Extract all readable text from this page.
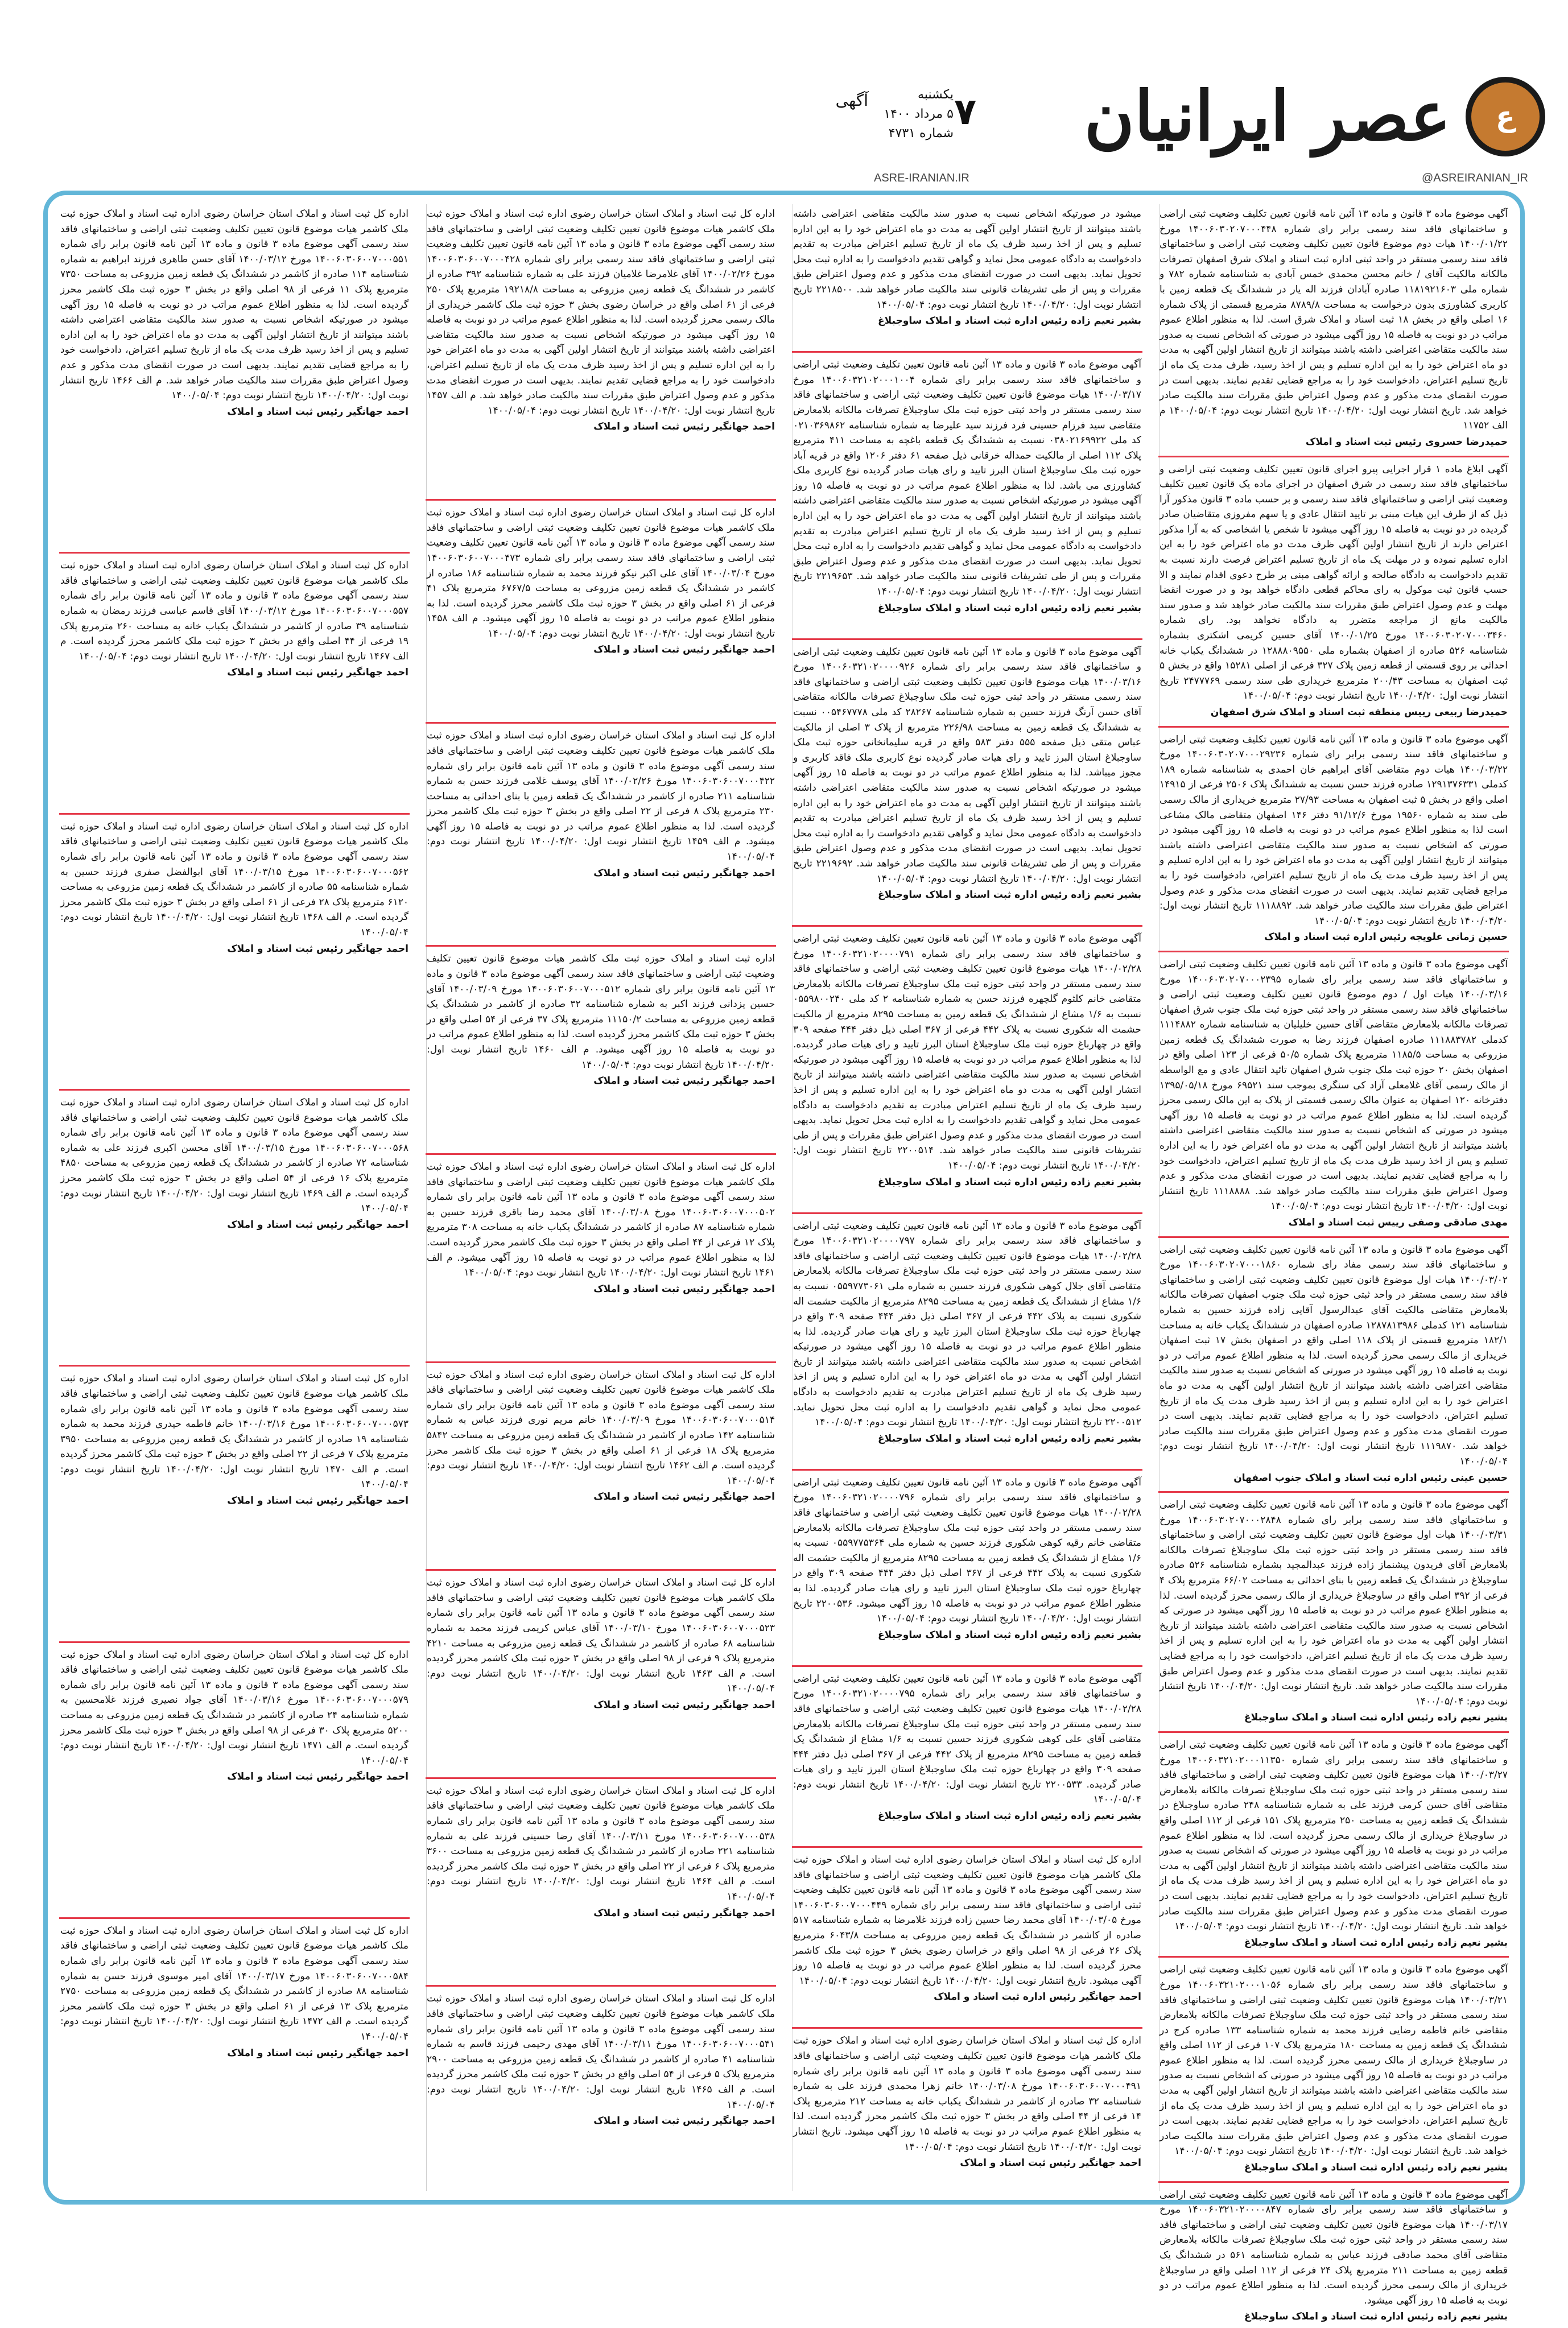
ع
عصر ایرانیان
ASRE-IRANIAN.IR	@ASREIRANIAN_IR
آگهی ۷
یکشنبه
۵ مرداد ۱۴۰۰
شماره ۴۷۳۱
آگهی موضوع ماده ۳ قانون و ماده ۱۳ آئین نامه قانون تعیین تکلیف وضعیت ثبتی اراضی و ساختمانهای فاقد سند رسمی برابر رای شماره ۱۴۰۰۶۰۳۰۲۰۷۰۰۰۴۴۸ مورخ ۱۴۰۰/۰۱/۲۲ هیات دوم موضوع قانون تعیین تکلیف وضعیت ثبتی اراضی و ساختمانهای فاقد سند رسمی مستقر در واحد ثبتی اداره ثبت اسناد و املاک شرق اصفهان تصرفات مالکانه مالکیت آقای / خانم محسن محمدی خمس آبادی به شناسنامه شماره ۷۸۲ و شماره ملی ۱۱۸۱۹۲۱۶۰۳ صادره آبادان فرزند اله یار در ششدانگ یک قطعه زمین با کاربری کشاورزی بدون درخواست به مساحت ۸۷۸۹/۸ مترمربع قسمتی از پلاک شماره ۱۶ اصلی واقع در بخش ۱۸ ثبت اسناد و املاک شرق است. لذا به منظور اطلاع عموم مراتب در دو نوبت به فاصله ۱۵ روز آگهی میشود در صورتی که اشخاص نسبت به صدور سند مالکیت متقاضی اعتراضی داشته باشند میتوانند از تاریخ انتشار اولین آگهی به مدت دو ماه اعتراض خود را به این اداره تسلیم و پس از اخذ رسید، ظرف مدت یک ماه از تاریخ تسلیم اعتراض، دادخواست خود را به مراجع قضایی تقدیم نمایند. بدیهی است در صورت انقضای مدت مذکور و عدم وصول اعتراض طبق مقررات سند مالکیت صادر خواهد شد. تاریخ انتشار نوبت اول: ۱۴۰۰/۰۴/۲۰ تاریخ انتشار نوبت دوم: ۱۴۰۰/۰۵/۰۴ م الف ۱۱۷۵۲
حمیدرضا خسروی رئیس ثبت اسناد و املاک
آگهی ابلاغ ماده ۱ قرار اجرایی پیرو اجرای قانون تعیین تکلیف وضعیت ثبتی اراضی و ساختمانهای فاقد سند رسمی در شرق اصفهان در اجرای ماده یک قانون تعیین تکلیف وضعیت ثبتی اراضی و ساختمانهای فاقد سند رسمی و بر حسب ماده ۳ قانون مذکور آرا ذیل که از طرف این هیات مبنی بر تایید انتقال عادی و یا سهم مفروزی متقاضیان صادر گردیده در دو نوبت به فاصله ۱۵ روز آگهی میشود تا شخص یا اشخاصی که به آرا مذکور اعتراض دارند از تاریخ انتشار اولین آگهی ظرف مدت دو ماه اعتراض خود را به این اداره تسلیم نموده و در مهلت یک ماه از تاریخ تسلیم اعتراض فرصت دارند نسبت به تقدیم دادخواست به دادگاه صالحه و ارائه گواهی مبنی بر طرح دعوی اقدام نمایند و الا حسب قانون ثبت موکول به رای محاکم قطعی دادگاه خواهد بود و در صورت انقضا مهلت و عدم وصول اعتراض طبق مقررات سند مالکیت صادر خواهد شد و صدور سند مالکیت مانع از مراجعه متضرر به دادگاه نخواهد بود. رای شماره ۱۴۰۰۶۰۳۰۲۰۷۰۰۰۳۴۶۰ مورخ ۱۴۰۰/۰۱/۲۵ آقای حسین کریمی اشکتری بشماره شناسنامه ۵۲۶ صادره از اصفهان بشماره ملی ۱۲۸۸۸۰۹۵۵۰ در ششدانگ یکباب خانه احداثی بر روی قسمتی از قطعه زمین پلاک ۳۲۷ فرعی از اصلی ۱۵۲۸۱ واقع در بخش ۵ ثبت اصفهان به مساحت ۲۰۰/۴۳ مترمربع خریداری طی سند رسمی ۲۴۷۷۷۶۹ تاریخ انتشار نوبت اول: ۱۴۰۰/۰۴/۲۰ تاریخ انتشار نوبت دوم: ۱۴۰۰/۰۵/۰۴
حمیدرضا ربیعی رییس منطقه ثبت اسناد و املاک شرق اصفهان
آگهی موضوع ماده ۳ قانون و ماده ۱۳ آئین نامه قانون تعیین تکلیف وضعیت ثبتی اراضی و ساختمانهای فاقد سند رسمی برابر رای شماره ۱۴۰۰۶۰۳۰۲۰۷۰۰۰۲۹۲۳۶ مورخ ۱۴۰۰/۰۳/۲۲ هیات دوم متقاضی آقای ابراهیم خان احمدی به شناسنامه شماره ۱۸۹ کدملی ۱۲۹۱۳۷۶۳۳۱ صادره فرزند حسن نسبت به ششدانگ پلاک ۲۵۰۶ فرعی از ۱۴۹۱۵ اصلی واقع در بخش ۵ ثبت اصفهان به مساحت ۲۷/۹۳ مترمربع خریداری از مالک رسمی طی سند به شماره ۱۹۵۶۰ مورخ ۹۱/۱۲/۶ دفتر ۱۴۶ اصفهان متقاضی مالک مشاعی است لذا به منظور اطلاع عموم مراتب در دو نوبت به فاصله ۱۵ روز آگهی میشود در صورتی که اشخاص نسبت به صدور سند مالکیت متقاضی اعتراضی داشته باشند میتوانند از تاریخ انتشار اولین آگهی به مدت دو ماه اعتراض خود را به این اداره تسلیم و پس از اخذ رسید ظرف مدت یک ماه از تاریخ تسلیم اعتراض، دادخواست خود را به مراجع قضایی تقدیم نمایند. بدیهی است در صورت انقضای مدت مذکور و عدم وصول اعتراض طبق مقررات سند مالکیت صادر خواهد شد. ۱۱۱۸۸۹۲ تاریخ انتشار نوبت اول: ۱۴۰۰/۰۴/۲۰ تاریخ انتشار نوبت دوم: ۱۴۰۰/۰۵/۰۴
حسین زمانی علویجه رئیس اداره ثبت اسناد و املاک
آگهی موضوع ماده ۳ قانون و ماده ۱۳ آئین نامه قانون تعیین تکلیف وضعیت ثبتی اراضی و ساختمانهای فاقد سند رسمی برابر رای شماره ۱۴۰۰۶۰۳۰۲۰۷۰۰۰۲۳۹۵ مورخ ۱۴۰۰/۰۳/۱۶ هیات اول / دوم موضوع قانون تعیین تکلیف وضعیت ثبتی اراضی و ساختمانهای فاقد سند رسمی مستقر در واحد ثبتی حوزه ثبت ملک جنوب شرق اصفهان تصرفات مالکانه بلامعارض متقاضی آقای حسین خلیلیان به شناسنامه شماره ۱۱۱۴۸۸۲ کدملی ۱۱۱۸۸۳۷۸۲ صادره اصفهان فرزند رضا به صورت ششدانگ یک قطعه زمین مزروعی به مساحت ۱۱۸۵/۵ مترمربع پلاک شماره ۵۰/۵ فرعی از ۱۲۳ اصلی واقع در اصفهان بخش ۲۰ حوزه ثبت ملک جنوب شرق اصفهان تائید انتقال عادی و مع الواسطه از مالک رسمی آقای غلامعلی آزاد کی سنگری بموجب سند ۶۹۵۲۱ مورخ ۱۳۹۵/۰۵/۱۸ دفترخانه ۱۲۰ اصفهان به عنوان مالک رسمی قسمتی از پلاک به این مالک رسمی محرز گردیده است. لذا به منظور اطلاع عموم مراتب در دو نوبت به فاصله ۱۵ روز آگهی میشود در صورتی که اشخاص نسبت به صدور سند مالکیت متقاضی اعتراضی داشته باشند میتوانند از تاریخ انتشار اولین آگهی به مدت دو ماه اعتراض خود را به این اداره تسلیم و پس از اخذ رسید ظرف مدت یک ماه از تاریخ تسلیم اعتراض، دادخواست خود را به مراجع قضایی تقدیم نمایند. بدیهی است در صورت انقضای مدت مذکور و عدم وصول اعتراض طبق مقررات سند مالکیت صادر خواهد شد. ۱۱۱۸۸۸۸ تاریخ انتشار نوبت اول: ۱۴۰۰/۰۴/۲۰ تاریخ انتشار نوبت دوم: ۱۴۰۰/۰۵/۰۴
مهدی صادقی وصفی رییس ثبت اسناد و املاک
آگهی موضوع ماده ۳ قانون و ماده ۱۳ آئین نامه قانون تعیین تکلیف وضعیت ثبتی اراضی و ساختمانهای فاقد سند رسمی مفاد رای شماره ۱۴۰۰۶۰۳۰۲۰۷۰۰۰۱۸۶۰ مورخ ۱۴۰۰/۰۳/۰۲ هیات اول موضوع قانون تعیین تکلیف وضعیت ثبتی اراضی و ساختمانهای فاقد سند رسمی مستقر در واحد ثبتی حوزه ثبت ملک جنوب اصفهان تصرفات مالکانه بلامعارض متقاضی مالکیت آقای عبدالرسول آقایی زاده فرزند حسین به شماره شناسنامه ۱۲۱ کدملی ۱۲۸۷۸۱۳۹۸۶ صادره اصفهان در ششدانگ یکباب خانه به مساحت ۱۸۲/۱ مترمربع قسمتی از پلاک ۱۱۸ اصلی واقع در اصفهان بخش ۱۷ ثبت اصفهان خریداری از مالک رسمی محرز گردیده است. لذا به منظور اطلاع عموم مراتب در دو نوبت به فاصله ۱۵ روز آگهی میشود در صورتی که اشخاص نسبت به صدور سند مالکیت متقاضی اعتراضی داشته باشند میتوانند از تاریخ انتشار اولین آگهی به مدت دو ماه اعتراض خود را به این اداره تسلیم و پس از اخذ رسید ظرف مدت یک ماه از تاریخ تسلیم اعتراض، دادخواست خود را به مراجع قضایی تقدیم نمایند. بدیهی است در صورت انقضای مدت مذکور و عدم وصول اعتراض طبق مقررات سند مالکیت صادر خواهد شد. ۱۱۱۹۸۷۰ تاریخ انتشار نوبت اول: ۱۴۰۰/۰۴/۲۰ تاریخ انتشار نوبت دوم: ۱۴۰۰/۰۵/۰۴
حسین عینی رئیس اداره ثبت اسناد و املاک جنوب اصفهان
آگهی موضوع ماده ۳ قانون و ماده ۱۳ آئین نامه قانون تعیین تکلیف وضعیت ثبتی اراضی و ساختمانهای فاقد سند رسمی برابر رای شماره ۱۴۰۰۶۰۳۰۲۰۷۰۰۰۲۸۴۸ مورخ ۱۴۰۰/۰۳/۳۱ هیات اول موضوع قانون تعیین تکلیف وضعیت ثبتی اراضی و ساختمانهای فاقد سند رسمی مستقر در واحد ثبتی حوزه ثبت ملک ساوجبلاغ تصرفات مالکانه بلامعارض آقای فریدون پیشنماز زاده فرزند عبدالمجید بشماره شناسنامه ۵۲۶ صادره ساوجبلاغ در ششدانگ یک قطعه زمین با بنای احداثی به مساحت ۶۶/۰۲ مترمربع پلاک ۴ فرعی از ۳۹۲ اصلی واقع در ساوجبلاغ خریداری از مالک رسمی محرز گردیده است. لذا به منظور اطلاع عموم مراتب در دو نوبت به فاصله ۱۵ روز آگهی میشود در صورتی که اشخاص نسبت به صدور سند مالکیت متقاضی اعتراضی داشته باشند میتوانند از تاریخ انتشار اولین آگهی به مدت دو ماه اعتراض خود را به این اداره تسلیم و پس از اخذ رسید ظرف مدت یک ماه از تاریخ تسلیم اعتراض، دادخواست خود را به مراجع قضایی تقدیم نمایند. بدیهی است در صورت انقضای مدت مذکور و عدم وصول اعتراض طبق مقررات سند مالکیت صادر خواهد شد. تاریخ انتشار نوبت اول: ۱۴۰۰/۰۴/۲۰ تاریخ انتشار نوبت دوم: ۱۴۰۰/۰۵/۰۴
بشیر نعیم زاده رئیس اداره ثبت اسناد و املاک ساوجبلاغ
آگهی موضوع ماده ۳ قانون و ماده ۱۳ آئین نامه قانون تعیین تکلیف وضعیت ثبتی اراضی و ساختمانهای فاقد سند رسمی برابر رای شماره ۱۴۰۰۶۰۳۲۱۰۲۰۰۰۱۱۳۵۰ مورخ ۱۴۰۰/۰۳/۲۷ هیات موضوع قانون تعیین تکلیف وضعیت ثبتی اراضی و ساختمانهای فاقد سند رسمی مستقر در واحد ثبتی حوزه ثبت ملک ساوجبلاغ تصرفات مالکانه بلامعارض متقاضی آقای حسن کرمی فرزند علی به شماره شناسنامه ۲۴۸ صادره ساوجبلاغ در ششدانگ یک قطعه زمین به مساحت ۲۵۰ مترمربع پلاک ۱۵۱ فرعی از ۱۱۲ اصلی واقع در ساوجبلاغ خریداری از مالک رسمی محرز گردیده است. لذا به منظور اطلاع عموم مراتب در دو نوبت به فاصله ۱۵ روز آگهی میشود در صورتی که اشخاص نسبت به صدور سند مالکیت متقاضی اعتراضی داشته باشند میتوانند از تاریخ انتشار اولین آگهی به مدت دو ماه اعتراض خود را به این اداره تسلیم و پس از اخذ رسید ظرف مدت یک ماه از تاریخ تسلیم اعتراض، دادخواست خود را به مراجع قضایی تقدیم نمایند. بدیهی است در صورت انقضای مدت مذکور و عدم وصول اعتراض طبق مقررات سند مالکیت صادر خواهد شد. تاریخ انتشار نوبت اول: ۱۴۰۰/۰۴/۲۰ تاریخ انتشار نوبت دوم: ۱۴۰۰/۰۵/۰۴
بشیر نعیم زاده رئیس اداره ثبت اسناد و املاک ساوجبلاغ
آگهی موضوع ماده ۳ قانون و ماده ۱۳ آئین نامه قانون تعیین تکلیف وضعیت ثبتی اراضی و ساختمانهای فاقد سند رسمی برابر رای شماره ۱۴۰۰۶۰۳۲۱۰۲۰۰۰۱۰۵۶ مورخ ۱۴۰۰/۰۳/۲۱ هیات موضوع قانون تعیین تکلیف وضعیت ثبتی اراضی و ساختمانهای فاقد سند رسمی مستقر در واحد ثبتی حوزه ثبت ملک ساوجبلاغ تصرفات مالکانه بلامعارض متقاضی خانم فاطمه رضایی فرزند محمد به شماره شناسنامه ۱۳۳ صادره کرج در ششدانگ یک قطعه زمین به مساحت ۱۸۰ مترمربع پلاک ۱۰۷ فرعی از ۱۱۲ اصلی واقع در ساوجبلاغ خریداری از مالک رسمی محرز گردیده است. لذا به منظور اطلاع عموم مراتب در دو نوبت به فاصله ۱۵ روز آگهی میشود در صورتی که اشخاص نسبت به صدور سند مالکیت متقاضی اعتراضی داشته باشند میتوانند از تاریخ انتشار اولین آگهی به مدت دو ماه اعتراض خود را به این اداره تسلیم و پس از اخذ رسید ظرف مدت یک ماه از تاریخ تسلیم اعتراض، دادخواست خود را به مراجع قضایی تقدیم نمایند. بدیهی است در صورت انقضای مدت مذکور و عدم وصول اعتراض طبق مقررات سند مالکیت صادر خواهد شد. تاریخ انتشار نوبت اول: ۱۴۰۰/۰۴/۲۰ تاریخ انتشار نوبت دوم: ۱۴۰۰/۰۵/۰۴
بشیر نعیم زاده رئیس اداره ثبت اسناد و املاک ساوجبلاغ
آگهی موضوع ماده ۳ قانون و ماده ۱۳ آئین نامه قانون تعیین تکلیف وضعیت ثبتی اراضی و ساختمانهای فاقد سند رسمی برابر رای شماره ۱۴۰۰۶۰۳۲۱۰۲۰۰۰۰۸۴۷ مورخ ۱۴۰۰/۰۳/۱۷ هیات موضوع قانون تعیین تکلیف وضعیت ثبتی اراضی و ساختمانهای فاقد سند رسمی مستقر در واحد ثبتی حوزه ثبت ملک ساوجبلاغ تصرفات مالکانه بلامعارض متقاضی آقای محمد صادقی فرزند عباس به شماره شناسنامه ۵۶۱ در ششدانگ یک قطعه زمین به مساحت ۲۱۱ مترمربع پلاک ۲۴ فرعی از ۱۱۲ اصلی واقع در ساوجبلاغ خریداری از مالک رسمی محرز گردیده است. لذا به منظور اطلاع عموم مراتب در دو نوبت به فاصله ۱۵ روز آگهی میشود.
بشیر نعیم زاده رئیس اداره ثبت اسناد و املاک ساوجبلاغ
میشود در صورتیکه اشخاص نسبت به صدور سند مالکیت متقاضی اعتراضی داشته باشند میتوانند از تاریخ انتشار اولین آگهی به مدت دو ماه اعتراض خود را به این اداره تسلیم و پس از اخذ رسید ظرف یک ماه از تاریخ تسلیم اعتراض مبادرت به تقدیم دادخواست به دادگاه عمومی محل نماید و گواهی تقدیم دادخواست را به اداره ثبت محل تحویل نماید. بدیهی است در صورت انقضای مدت مذکور و عدم وصول اعتراض طبق مقررات و پس از طی تشریفات قانونی سند مالکیت صادر خواهد شد. ۲۲۱۸۵۰۰ تاریخ انتشار نوبت اول: ۱۴۰۰/۰۴/۲۰ تاریخ انتشار نوبت دوم: ۱۴۰۰/۰۵/۰۴
بشیر نعیم زاده رئیس اداره ثبت اسناد و املاک ساوجبلاغ
آگهی موضوع ماده ۳ قانون و ماده ۱۳ آئین نامه قانون تعیین تکلیف وضعیت ثبتی اراضی و ساختمانهای فاقد سند رسمی برابر رای شماره ۱۴۰۰۶۰۳۲۱۰۲۰۰۰۱۰۰۴ مورخ ۱۴۰۰/۰۳/۱۷ هیات موضوع قانون تعیین تکلیف وضعیت ثبتی اراضی و ساختمانهای فاقد سند رسمی مستقر در واحد ثبتی حوزه ثبت ملک ساوجبلاغ تصرفات مالکانه بلامعارض متقاضی سید فرزام حسینی فرد فرزند سید علیرضا به شماره شناسنامه ۰۲۱۰۳۶۹۸۶۲ کد ملی ۰۳۸۰۲۱۶۹۹۲۲ نسبت به ششدانگ یک قطعه باغچه به مساحت ۴۱۱ مترمربع پلاک ۱۱۲ اصلی از مالکیت حمداله خرقانی ذیل صفحه ۶۱ دفتر ۱۲۰۶ واقع در قریه آباد حوزه ثبت ملک ساوجبلاغ استان البرز تایید و رای هیات صادر گردیده نوع کاربری ملک کشاورزی می باشد. لذا به منظور اطلاع عموم مراتب در دو نوبت به فاصله ۱۵ روز آگهی میشود در صورتیکه اشخاص نسبت به صدور سند مالکیت متقاضی اعتراضی داشته باشند میتوانند از تاریخ انتشار اولین آگهی به مدت دو ماه اعتراض خود را به این اداره تسلیم و پس از اخذ رسید ظرف یک ماه از تاریخ تسلیم اعتراض مبادرت به تقدیم دادخواست به دادگاه عمومی محل نماید و گواهی تقدیم دادخواست را به اداره ثبت محل تحویل نماید. بدیهی است در صورت انقضای مدت مذکور و عدم وصول اعتراض طبق مقررات و پس از طی تشریفات قانونی سند مالکیت صادر خواهد شد. ۲۲۱۹۶۵۳ تاریخ انتشار نوبت اول: ۱۴۰۰/۰۴/۲۰ تاریخ انتشار نوبت دوم: ۱۴۰۰/۰۵/۰۴
بشیر نعیم زاده رئیس اداره ثبت اسناد و املاک ساوجبلاغ
آگهی موضوع ماده ۳ قانون و ماده ۱۳ آئین نامه قانون تعیین تکلیف وضعیت ثبتی اراضی و ساختمانهای فاقد سند رسمی برابر رای شماره ۱۴۰۰۶۰۳۲۱۰۲۰۰۰۰۹۲۶ مورخ ۱۴۰۰/۰۳/۱۶ هیات موضوع قانون تعیین تکلیف وضعیت ثبتی اراضی و ساختمانهای فاقد سند رسمی مستقر در واحد ثبتی حوزه ثبت ملک ساوجبلاغ تصرفات مالکانه متقاضی آقای حسن آرنگ فرزند حسین به شماره شناسنامه ۲۸۲۶۷ کد ملی ۰۰۵۴۶۷۷۷۸ نسبت به ششدانگ یک قطعه زمین به مساحت ۲۲۶/۹۸ مترمربع از پلاک ۳ اصلی از مالکیت عباس متقی ذیل صفحه ۵۵۵ دفتر ۵۸۳ واقع در قریه سلیمانخانی حوزه ثبت ملک ساوجبلاغ استان البرز تایید و رای هیات صادر گردیده نوع کاربری ملک فاقد کاربری و مجوز میباشد. لذا به منظور اطلاع عموم مراتب در دو نوبت به فاصله ۱۵ روز آگهی میشود در صورتیکه اشخاص نسبت به صدور سند مالکیت متقاضی اعتراضی داشته باشند میتوانند از تاریخ انتشار اولین آگهی به مدت دو ماه اعتراض خود را به این اداره تسلیم و پس از اخذ رسید ظرف یک ماه از تاریخ تسلیم اعتراض مبادرت به تقدیم دادخواست به دادگاه عمومی محل نماید و گواهی تقدیم دادخواست را به اداره ثبت محل تحویل نماید. بدیهی است در صورت انقضای مدت مذکور و عدم وصول اعتراض طبق مقررات و پس از طی تشریفات قانونی سند مالکیت صادر خواهد شد. ۲۲۱۹۶۹۲ تاریخ انتشار نوبت اول: ۱۴۰۰/۰۴/۲۰ تاریخ انتشار نوبت دوم: ۱۴۰۰/۰۵/۰۴
بشیر نعیم زاده رئیس اداره ثبت اسناد و املاک ساوجبلاغ
آگهی موضوع ماده ۳ قانون و ماده ۱۳ آئین نامه قانون تعیین تکلیف وضعیت ثبتی اراضی و ساختمانهای فاقد سند رسمی برابر رای شماره ۱۴۰۰۶۰۳۲۱۰۲۰۰۰۰۷۹۱ مورخ ۱۴۰۰/۰۲/۲۸ هیات موضوع قانون تعیین تکلیف وضعیت ثبتی اراضی و ساختمانهای فاقد سند رسمی مستقر در واحد ثبتی حوزه ثبت ملک ساوجبلاغ تصرفات مالکانه بلامعارض متقاضی خانم کلثوم گلچهره فرزند حسن به شماره شناسنامه ۲ کد ملی ۰۵۵۹۸۰۰۲۴۰ نسبت به ۱/۶ مشاع از ششدانگ یک قطعه زمین به مساحت ۸۲۹۵ مترمربع از مالکیت حشمت اله شکوری نسبت به پلاک ۴۴۲ فرعی از ۳۶۷ اصلی ذیل دفتر ۴۴۴ صفحه ۳۰۹ واقع در چهارباغ حوزه ثبت ملک ساوجبلاغ استان البرز تایید و رای هیات صادر گردیده. لذا به منظور اطلاع عموم مراتب در دو نوبت به فاصله ۱۵ روز آگهی میشود در صورتیکه اشخاص نسبت به صدور سند مالکیت متقاضی اعتراضی داشته باشند میتوانند از تاریخ انتشار اولین آگهی به مدت دو ماه اعتراض خود را به این اداره تسلیم و پس از اخذ رسید ظرف یک ماه از تاریخ تسلیم اعتراض مبادرت به تقدیم دادخواست به دادگاه عمومی محل نماید و گواهی تقدیم دادخواست را به اداره ثبت محل تحویل نماید. بدیهی است در صورت انقضای مدت مذکور و عدم وصول اعتراض طبق مقررات و پس از طی تشریفات قانونی سند مالکیت صادر خواهد شد. ۲۲۰۰۵۱۴ تاریخ انتشار نوبت اول: ۱۴۰۰/۰۴/۲۰ تاریخ انتشار نوبت دوم: ۱۴۰۰/۰۵/۰۴
بشیر نعیم زاده رئیس اداره ثبت اسناد و املاک ساوجبلاغ
آگهی موضوع ماده ۳ قانون و ماده ۱۳ آئین نامه قانون تعیین تکلیف وضعیت ثبتی اراضی و ساختمانهای فاقد سند رسمی برابر رای شماره ۱۴۰۰۶۰۳۲۱۰۲۰۰۰۰۷۹۷ مورخ ۱۴۰۰/۰۲/۲۸ هیات موضوع قانون تعیین تکلیف وضعیت ثبتی اراضی و ساختمانهای فاقد سند رسمی مستقر در واحد ثبتی حوزه ثبت ملک ساوجبلاغ تصرفات مالکانه بلامعارض متقاضی آقای جلال کوهی شکوری فرزند حسین به شماره ملی ۰۵۵۹۷۷۳۰۶۱ نسبت به ۱/۶ مشاع از ششدانگ یک قطعه زمین به مساحت ۸۲۹۵ مترمربع از مالکیت حشمت اله شکوری نسبت به پلاک ۴۴۲ فرعی از ۳۶۷ اصلی ذیل دفتر ۴۴۴ صفحه ۳۰۹ واقع در چهارباغ حوزه ثبت ملک ساوجبلاغ استان البرز تایید و رای هیات صادر گردیده. لذا به منظور اطلاع عموم مراتب در دو نوبت به فاصله ۱۵ روز آگهی میشود در صورتیکه اشخاص نسبت به صدور سند مالکیت متقاضی اعتراضی داشته باشند میتوانند از تاریخ انتشار اولین آگهی به مدت دو ماه اعتراض خود را به این اداره تسلیم و پس از اخذ رسید ظرف یک ماه از تاریخ تسلیم اعتراض مبادرت به تقدیم دادخواست به دادگاه عمومی محل نماید و گواهی تقدیم دادخواست را به اداره ثبت محل تحویل نماید. ۲۲۰۰۵۱۲ تاریخ انتشار نوبت اول: ۱۴۰۰/۰۴/۲۰ تاریخ انتشار نوبت دوم: ۱۴۰۰/۰۵/۰۴
بشیر نعیم زاده رئیس اداره ثبت اسناد و املاک ساوجبلاغ
آگهی موضوع ماده ۳ قانون و ماده ۱۳ آئین نامه قانون تعیین تکلیف وضعیت ثبتی اراضی و ساختمانهای فاقد سند رسمی برابر رای شماره ۱۴۰۰۶۰۳۲۱۰۲۰۰۰۰۷۹۶ مورخ ۱۴۰۰/۰۲/۲۸ هیات موضوع قانون تعیین تکلیف وضعیت ثبتی اراضی و ساختمانهای فاقد سند رسمی مستقر در واحد ثبتی حوزه ثبت ملک ساوجبلاغ تصرفات مالکانه بلامعارض متقاضی خانم رقیه کوهی شکوری فرزند حسین به شماره ملی ۰۵۵۹۷۷۵۳۶۴ نسبت به ۱/۶ مشاع از ششدانگ یک قطعه زمین به مساحت ۸۲۹۵ مترمربع از مالکیت حشمت اله شکوری نسبت به پلاک ۴۴۲ فرعی از ۳۶۷ اصلی ذیل دفتر ۴۴۴ صفحه ۳۰۹ واقع در چهارباغ حوزه ثبت ملک ساوجبلاغ استان البرز تایید و رای هیات صادر گردیده. لذا به منظور اطلاع عموم مراتب در دو نوبت به فاصله ۱۵ روز آگهی میشود. ۲۲۰۰۵۳۶ تاریخ انتشار نوبت اول: ۱۴۰۰/۰۴/۲۰ تاریخ انتشار نوبت دوم: ۱۴۰۰/۰۵/۰۴
بشیر نعیم زاده رئیس اداره ثبت اسناد و املاک ساوجبلاغ
آگهی موضوع ماده ۳ قانون و ماده ۱۳ آئین نامه قانون تعیین تکلیف وضعیت ثبتی اراضی و ساختمانهای فاقد سند رسمی برابر رای شماره ۱۴۰۰۶۰۳۲۱۰۲۰۰۰۰۷۹۵ مورخ ۱۴۰۰/۰۲/۲۸ هیات موضوع قانون تعیین تکلیف وضعیت ثبتی اراضی و ساختمانهای فاقد سند رسمی مستقر در واحد ثبتی حوزه ثبت ملک ساوجبلاغ تصرفات مالکانه بلامعارض متقاضی آقای علی کوهی شکوری فرزند حسین نسبت به ۱/۶ مشاع از ششدانگ یک قطعه زمین به مساحت ۸۲۹۵ مترمربع از پلاک ۴۴۲ فرعی از ۳۶۷ اصلی ذیل دفتر ۴۴۴ صفحه ۳۰۹ واقع در چهارباغ حوزه ثبت ملک ساوجبلاغ استان البرز تایید و رای هیات صادر گردیده. ۲۲۰۰۵۳۳ تاریخ انتشار نوبت اول: ۱۴۰۰/۰۴/۲۰ تاریخ انتشار نوبت دوم: ۱۴۰۰/۰۵/۰۴
بشیر نعیم زاده رئیس اداره ثبت اسناد و املاک ساوجبلاغ
اداره کل ثبت اسناد و املاک استان خراسان رضوی اداره ثبت اسناد و املاک حوزه ثبت ملک کاشمر هیات موضوع قانون تعیین تکلیف وضعیت ثبتی اراضی و ساختمانهای فاقد سند رسمی آگهی موضوع ماده ۳ قانون و ماده ۱۳ آئین نامه قانون تعیین تکلیف وضعیت ثبتی اراضی و ساختمانهای فاقد سند رسمی برابر رای شماره ۱۴۰۰۶۰۳۰۶۰۰۷۰۰۰۴۴۹ مورخ ۱۴۰۰/۰۳/۰۵ آقای محمد رضا حسین زاده فرزند غلامرضا به شماره شناسنامه ۵۱۷ صادره از کاشمر در ششدانگ یک قطعه زمین مزروعی به مساحت ۶۰۴۳/۸ مترمربع پلاک ۲۶ فرعی از ۹۸ اصلی واقع در خراسان رضوی بخش ۳ حوزه ثبت ملک کاشمر محرز گردیده است. لذا به منظور اطلاع عموم مراتب در دو نوبت به فاصله ۱۵ روز آگهی میشود. تاریخ انتشار نوبت اول: ۱۴۰۰/۰۴/۲۰ تاریخ انتشار نوبت دوم: ۱۴۰۰/۰۵/۰۴
احمد جهانگیر رئیس اداره ثبت اسناد و املاک
اداره کل ثبت اسناد و املاک استان خراسان رضوی اداره ثبت اسناد و املاک حوزه ثبت ملک کاشمر هیات موضوع قانون تعیین تکلیف وضعیت ثبتی اراضی و ساختمانهای فاقد سند رسمی آگهی موضوع ماده ۳ قانون و ماده ۱۳ آئین نامه قانون برابر رای شماره ۱۴۰۰۶۰۳۰۶۰۰۷۰۰۰۴۹۱ مورخ ۱۴۰۰/۰۳/۰۸ خانم زهرا محمدی فرزند علی به شماره شناسنامه ۳۲ صادره از کاشمر در ششدانگ یکباب خانه به مساحت ۲۱۲ مترمربع پلاک ۱۴ فرعی از ۴۴ اصلی واقع در بخش ۳ حوزه ثبت ملک کاشمر محرز گردیده است. لذا به منظور اطلاع عموم مراتب در دو نوبت به فاصله ۱۵ روز آگهی میشود. تاریخ انتشار نوبت اول: ۱۴۰۰/۰۴/۲۰ تاریخ انتشار نوبت دوم: ۱۴۰۰/۰۵/۰۴
احمد جهانگیر رئیس ثبت اسناد و املاک
اداره کل ثبت اسناد و املاک استان خراسان رضوی اداره ثبت اسناد و املاک حوزه ثبت ملک کاشمر هیات موضوع قانون تعیین تکلیف وضعیت ثبتی اراضی و ساختمانهای فاقد سند رسمی آگهی موضوع ماده ۳ قانون و ماده ۱۳ آئین نامه قانون تعیین تکلیف وضعیت ثبتی اراضی و ساختمانهای فاقد سند رسمی برابر رای شماره ۱۴۰۰۶۰۳۰۶۰۰۷۰۰۰۴۲۸ مورخ ۱۴۰۰/۰۲/۲۶ آقای غلامرضا غلامیان فرزند علی به شماره شناسنامه ۳۹۲ صادره از کاشمر در ششدانگ یک قطعه زمین مزروعی به مساحت ۱۹۲۱۸/۸ مترمربع پلاک ۲۵۰ فرعی از ۶۱ اصلی واقع در خراسان رضوی بخش ۳ حوزه ثبت ملک کاشمر خریداری از مالک رسمی محرز گردیده است. لذا به منظور اطلاع عموم مراتب در دو نوبت به فاصله ۱۵ روز آگهی میشود در صورتیکه اشخاص نسبت به صدور سند مالکیت متقاضی اعتراضی داشته باشند میتوانند از تاریخ انتشار اولین آگهی به مدت دو ماه اعتراض خود را به این اداره تسلیم و پس از اخذ رسید ظرف مدت یک ماه از تاریخ تسلیم اعتراض، دادخواست خود را به مراجع قضایی تقدیم نمایند. بدیهی است در صورت انقضای مدت مذکور و عدم وصول اعتراض طبق مقررات سند مالکیت صادر خواهد شد. م الف ۱۴۵۷ تاریخ انتشار نوبت اول: ۱۴۰۰/۰۴/۲۰ تاریخ انتشار نوبت دوم: ۱۴۰۰/۰۵/۰۴
احمد جهانگیر رئیس ثبت اسناد و املاک
اداره کل ثبت اسناد و املاک استان خراسان رضوی اداره ثبت اسناد و املاک حوزه ثبت ملک کاشمر هیات موضوع قانون تعیین تکلیف وضعیت ثبتی اراضی و ساختمانهای فاقد سند رسمی آگهی موضوع ماده ۳ قانون و ماده ۱۳ آئین نامه قانون تعیین تکلیف وضعیت ثبتی اراضی و ساختمانهای فاقد سند رسمی برابر رای شماره ۱۴۰۰۶۰۳۰۶۰۰۷۰۰۰۴۷۳ مورخ ۱۴۰۰/۰۳/۰۴ آقای علی اکبر نیکو فرزند محمد به شماره شناسنامه ۱۸۶ صادره از کاشمر در ششدانگ یک قطعه زمین مزروعی به مساحت ۶۷۶۷/۵ مترمربع پلاک ۴۱ فرعی از ۶۱ اصلی واقع در بخش ۳ حوزه ثبت ملک کاشمر محرز گردیده است. لذا به منظور اطلاع عموم مراتب در دو نوبت به فاصله ۱۵ روز آگهی میشود. م الف ۱۴۵۸ تاریخ انتشار نوبت اول: ۱۴۰۰/۰۴/۲۰ تاریخ انتشار نوبت دوم: ۱۴۰۰/۰۵/۰۴
احمد جهانگیر رئیس ثبت اسناد و املاک
اداره کل ثبت اسناد و املاک استان خراسان رضوی اداره ثبت اسناد و املاک حوزه ثبت ملک کاشمر هیات موضوع قانون تعیین تکلیف وضعیت ثبتی اراضی و ساختمانهای فاقد سند رسمی آگهی موضوع ماده ۳ قانون و ماده ۱۳ آئین نامه قانون برابر رای شماره ۱۴۰۰۶۰۳۰۶۰۰۷۰۰۰۴۲۲ مورخ ۱۴۰۰/۰۲/۲۶ آقای یوسف غلامی فرزند حسن به شماره شناسنامه ۲۱۱ صادره از کاشمر در ششدانگ یک قطعه زمین با بنای احداثی به مساحت ۲۳۰ مترمربع پلاک ۸ فرعی از ۲۲ اصلی واقع در بخش ۳ حوزه ثبت ملک کاشمر محرز گردیده است. لذا به منظور اطلاع عموم مراتب در دو نوبت به فاصله ۱۵ روز آگهی میشود. م الف ۱۴۵۹ تاریخ انتشار نوبت اول: ۱۴۰۰/۰۴/۲۰ تاریخ انتشار نوبت دوم: ۱۴۰۰/۰۵/۰۴
احمد جهانگیر رئیس ثبت اسناد و املاک
اداره ثبت اسناد و املاک حوزه ثبت ملک کاشمر هیات موضوع قانون تعیین تکلیف وضعیت ثبتی اراضی و ساختمانهای فاقد سند رسمی آگهی موضوع ماده ۳ قانون و ماده ۱۳ آئین نامه قانون برابر رای شماره ۱۴۰۰۶۰۳۰۶۰۰۷۰۰۰۵۱۲ مورخ ۱۴۰۰/۰۳/۰۹ آقای حسین یزدانی فرزند اکبر به شماره شناسنامه ۳۲ صادره از کاشمر در ششدانگ یک قطعه زمین مزروعی به مساحت ۱۱۱۵۰/۲ مترمربع پلاک ۳۷ فرعی از ۵۴ اصلی واقع در بخش ۳ حوزه ثبت ملک کاشمر محرز گردیده است. لذا به منظور اطلاع عموم مراتب در دو نوبت به فاصله ۱۵ روز آگهی میشود. م الف ۱۴۶۰ تاریخ انتشار نوبت اول: ۱۴۰۰/۰۴/۲۰ تاریخ انتشار نوبت دوم: ۱۴۰۰/۰۵/۰۴
احمد جهانگیر رئیس ثبت اسناد و املاک
اداره کل ثبت اسناد و املاک استان خراسان رضوی اداره ثبت اسناد و املاک حوزه ثبت ملک کاشمر هیات موضوع قانون تعیین تکلیف وضعیت ثبتی اراضی و ساختمانهای فاقد سند رسمی آگهی موضوع ماده ۳ قانون و ماده ۱۳ آئین نامه قانون برابر رای شماره ۱۴۰۰۶۰۳۰۶۰۰۷۰۰۰۵۰۲ مورخ ۱۴۰۰/۰۳/۰۸ آقای محمد رضا باقری فرزند حسین به شماره شناسنامه ۸۷ صادره از کاشمر در ششدانگ یکباب خانه به مساحت ۳۰۸ مترمربع پلاک ۱۲ فرعی از ۴۴ اصلی واقع در بخش ۳ حوزه ثبت ملک کاشمر محرز گردیده است. لذا به منظور اطلاع عموم مراتب در دو نوبت به فاصله ۱۵ روز آگهی میشود. م الف ۱۴۶۱ تاریخ انتشار نوبت اول: ۱۴۰۰/۰۴/۲۰ تاریخ انتشار نوبت دوم: ۱۴۰۰/۰۵/۰۴
احمد جهانگیر رئیس ثبت اسناد و املاک
اداره کل ثبت اسناد و املاک استان خراسان رضوی اداره ثبت اسناد و املاک حوزه ثبت ملک کاشمر هیات موضوع قانون تعیین تکلیف وضعیت ثبتی اراضی و ساختمانهای فاقد سند رسمی آگهی موضوع ماده ۳ قانون و ماده ۱۳ آئین نامه قانون برابر رای شماره ۱۴۰۰۶۰۳۰۶۰۰۷۰۰۰۵۱۴ مورخ ۱۴۰۰/۰۳/۰۹ خانم مریم نوری فرزند عباس به شماره شناسنامه ۱۴۲ صادره از کاشمر در ششدانگ یک قطعه زمین مزروعی به مساحت ۵۸۴۲ مترمربع پلاک ۱۸ فرعی از ۶۱ اصلی واقع در بخش ۳ حوزه ثبت ملک کاشمر محرز گردیده است. م الف ۱۴۶۲ تاریخ انتشار نوبت اول: ۱۴۰۰/۰۴/۲۰ تاریخ انتشار نوبت دوم: ۱۴۰۰/۰۵/۰۴
احمد جهانگیر رئیس ثبت اسناد و املاک
اداره کل ثبت اسناد و املاک استان خراسان رضوی اداره ثبت اسناد و املاک حوزه ثبت ملک کاشمر هیات موضوع قانون تعیین تکلیف وضعیت ثبتی اراضی و ساختمانهای فاقد سند رسمی آگهی موضوع ماده ۳ قانون و ماده ۱۳ آئین نامه قانون برابر رای شماره ۱۴۰۰۶۰۳۰۶۰۰۷۰۰۰۵۲۳ مورخ ۱۴۰۰/۰۳/۱۰ آقای عباس کریمی فرزند محمد به شماره شناسنامه ۶۸ صادره از کاشمر در ششدانگ یک قطعه زمین مزروعی به مساحت ۴۲۱۰ مترمربع پلاک ۹ فرعی از ۹۸ اصلی واقع در بخش ۳ حوزه ثبت ملک کاشمر محرز گردیده است. م الف ۱۴۶۳ تاریخ انتشار نوبت اول: ۱۴۰۰/۰۴/۲۰ تاریخ انتشار نوبت دوم: ۱۴۰۰/۰۵/۰۴
احمد جهانگیر رئیس ثبت اسناد و املاک
اداره کل ثبت اسناد و املاک استان خراسان رضوی اداره ثبت اسناد و املاک حوزه ثبت ملک کاشمر هیات موضوع قانون تعیین تکلیف وضعیت ثبتی اراضی و ساختمانهای فاقد سند رسمی آگهی موضوع ماده ۳ قانون و ماده ۱۳ آئین نامه قانون برابر رای شماره ۱۴۰۰۶۰۳۰۶۰۰۷۰۰۰۵۳۸ مورخ ۱۴۰۰/۰۳/۱۱ آقای رضا حسینی فرزند علی به شماره شناسنامه ۲۲۱ صادره از کاشمر در ششدانگ یک قطعه زمین مزروعی به مساحت ۳۶۰۰ مترمربع پلاک ۶ فرعی از ۲۲ اصلی واقع در بخش ۳ حوزه ثبت ملک کاشمر محرز گردیده است. م الف ۱۴۶۴ تاریخ انتشار نوبت اول: ۱۴۰۰/۰۴/۲۰ تاریخ انتشار نوبت دوم: ۱۴۰۰/۰۵/۰۴
احمد جهانگیر رئیس ثبت اسناد و املاک
اداره کل ثبت اسناد و املاک استان خراسان رضوی اداره ثبت اسناد و املاک حوزه ثبت ملک کاشمر هیات موضوع قانون تعیین تکلیف وضعیت ثبتی اراضی و ساختمانهای فاقد سند رسمی آگهی موضوع ماده ۳ قانون و ماده ۱۳ آئین نامه قانون برابر رای شماره ۱۴۰۰۶۰۳۰۶۰۰۷۰۰۰۵۴۱ مورخ ۱۴۰۰/۰۳/۱۱ آقای مهدی رحیمی فرزند قاسم به شماره شناسنامه ۴۱ صادره از کاشمر در ششدانگ یک قطعه زمین مزروعی به مساحت ۲۹۰۰ مترمربع پلاک ۵ فرعی از ۵۴ اصلی واقع در بخش ۳ حوزه ثبت ملک کاشمر محرز گردیده است. م الف ۱۴۶۵ تاریخ انتشار نوبت اول: ۱۴۰۰/۰۴/۲۰ تاریخ انتشار نوبت دوم: ۱۴۰۰/۰۵/۰۴
احمد جهانگیر رئیس ثبت اسناد و املاک
اداره کل ثبت اسناد و املاک استان خراسان رضوی اداره ثبت اسناد و املاک حوزه ثبت ملک کاشمر هیات موضوع قانون تعیین تکلیف وضعیت ثبتی اراضی و ساختمانهای فاقد سند رسمی آگهی موضوع ماده ۳ قانون و ماده ۱۳ آئین نامه قانون برابر رای شماره ۱۴۰۰۶۰۳۰۶۰۰۷۰۰۰۵۵۱ مورخ ۱۴۰۰/۰۳/۱۲ آقای حسن طاهری فرزند ابراهیم به شماره شناسنامه ۱۱۴ صادره از کاشمر در ششدانگ یک قطعه زمین مزروعی به مساحت ۷۳۵۰ مترمربع پلاک ۱۱ فرعی از ۹۸ اصلی واقع در بخش ۳ حوزه ثبت ملک کاشمر محرز گردیده است. لذا به منظور اطلاع عموم مراتب در دو نوبت به فاصله ۱۵ روز آگهی میشود در صورتیکه اشخاص نسبت به صدور سند مالکیت متقاضی اعتراضی داشته باشند میتوانند از تاریخ انتشار اولین آگهی به مدت دو ماه اعتراض خود را به این اداره تسلیم و پس از اخذ رسید ظرف مدت یک ماه از تاریخ تسلیم اعتراض، دادخواست خود را به مراجع قضایی تقدیم نمایند. بدیهی است در صورت انقضای مدت مذکور و عدم وصول اعتراض طبق مقررات سند مالکیت صادر خواهد شد. م الف ۱۴۶۶ تاریخ انتشار نوبت اول: ۱۴۰۰/۰۴/۲۰ تاریخ انتشار نوبت دوم: ۱۴۰۰/۰۵/۰۴
احمد جهانگیر رئیس ثبت اسناد و املاک
اداره کل ثبت اسناد و املاک استان خراسان رضوی اداره ثبت اسناد و املاک حوزه ثبت ملک کاشمر هیات موضوع قانون تعیین تکلیف وضعیت ثبتی اراضی و ساختمانهای فاقد سند رسمی آگهی موضوع ماده ۳ قانون و ماده ۱۳ آئین نامه قانون برابر رای شماره ۱۴۰۰۶۰۳۰۶۰۰۷۰۰۰۵۵۷ مورخ ۱۴۰۰/۰۳/۱۲ آقای قاسم عباسی فرزند رمضان به شماره شناسنامه ۳۹ صادره از کاشمر در ششدانگ یکباب خانه به مساحت ۲۶۰ مترمربع پلاک ۱۹ فرعی از ۴۴ اصلی واقع در بخش ۳ حوزه ثبت ملک کاشمر محرز گردیده است. م الف ۱۴۶۷ تاریخ انتشار نوبت اول: ۱۴۰۰/۰۴/۲۰ تاریخ انتشار نوبت دوم: ۱۴۰۰/۰۵/۰۴
احمد جهانگیر رئیس ثبت اسناد و املاک
اداره کل ثبت اسناد و املاک استان خراسان رضوی اداره ثبت اسناد و املاک حوزه ثبت ملک کاشمر هیات موضوع قانون تعیین تکلیف وضعیت ثبتی اراضی و ساختمانهای فاقد سند رسمی آگهی موضوع ماده ۳ قانون و ماده ۱۳ آئین نامه قانون برابر رای شماره ۱۴۰۰۶۰۳۰۶۰۰۷۰۰۰۵۶۲ مورخ ۱۴۰۰/۰۳/۱۵ آقای ابوالفضل صفری فرزند حسین به شماره شناسنامه ۵۵ صادره از کاشمر در ششدانگ یک قطعه زمین مزروعی به مساحت ۶۱۲۰ مترمربع پلاک ۲۸ فرعی از ۶۱ اصلی واقع در بخش ۳ حوزه ثبت ملک کاشمر محرز گردیده است. م الف ۱۴۶۸ تاریخ انتشار نوبت اول: ۱۴۰۰/۰۴/۲۰ تاریخ انتشار نوبت دوم: ۱۴۰۰/۰۵/۰۴
احمد جهانگیر رئیس ثبت اسناد و املاک
اداره کل ثبت اسناد و املاک استان خراسان رضوی اداره ثبت اسناد و املاک حوزه ثبت ملک کاشمر هیات موضوع قانون تعیین تکلیف وضعیت ثبتی اراضی و ساختمانهای فاقد سند رسمی آگهی موضوع ماده ۳ قانون و ماده ۱۳ آئین نامه قانون برابر رای شماره ۱۴۰۰۶۰۳۰۶۰۰۷۰۰۰۵۶۸ مورخ ۱۴۰۰/۰۳/۱۵ آقای محسن اکبری فرزند علی به شماره شناسنامه ۷۲ صادره از کاشمر در ششدانگ یک قطعه زمین مزروعی به مساحت ۴۸۵۰ مترمربع پلاک ۱۶ فرعی از ۵۴ اصلی واقع در بخش ۳ حوزه ثبت ملک کاشمر محرز گردیده است. م الف ۱۴۶۹ تاریخ انتشار نوبت اول: ۱۴۰۰/۰۴/۲۰ تاریخ انتشار نوبت دوم: ۱۴۰۰/۰۵/۰۴
احمد جهانگیر رئیس ثبت اسناد و املاک
اداره کل ثبت اسناد و املاک استان خراسان رضوی اداره ثبت اسناد و املاک حوزه ثبت ملک کاشمر هیات موضوع قانون تعیین تکلیف وضعیت ثبتی اراضی و ساختمانهای فاقد سند رسمی آگهی موضوع ماده ۳ قانون و ماده ۱۳ آئین نامه قانون برابر رای شماره ۱۴۰۰۶۰۳۰۶۰۰۷۰۰۰۵۷۳ مورخ ۱۴۰۰/۰۳/۱۶ خانم فاطمه حیدری فرزند محمد به شماره شناسنامه ۱۹ صادره از کاشمر در ششدانگ یک قطعه زمین مزروعی به مساحت ۳۹۵۰ مترمربع پلاک ۷ فرعی از ۲۲ اصلی واقع در بخش ۳ حوزه ثبت ملک کاشمر محرز گردیده است. م الف ۱۴۷۰ تاریخ انتشار نوبت اول: ۱۴۰۰/۰۴/۲۰ تاریخ انتشار نوبت دوم: ۱۴۰۰/۰۵/۰۴
احمد جهانگیر رئیس ثبت اسناد و املاک
اداره کل ثبت اسناد و املاک استان خراسان رضوی اداره ثبت اسناد و املاک حوزه ثبت ملک کاشمر هیات موضوع قانون تعیین تکلیف وضعیت ثبتی اراضی و ساختمانهای فاقد سند رسمی آگهی موضوع ماده ۳ قانون و ماده ۱۳ آئین نامه قانون برابر رای شماره ۱۴۰۰۶۰۳۰۶۰۰۷۰۰۰۵۷۹ مورخ ۱۴۰۰/۰۳/۱۶ آقای جواد نصیری فرزند غلامحسین به شماره شناسنامه ۲۴ صادره از کاشمر در ششدانگ یک قطعه زمین مزروعی به مساحت ۵۲۰۰ مترمربع پلاک ۳۰ فرعی از ۹۸ اصلی واقع در بخش ۳ حوزه ثبت ملک کاشمر محرز گردیده است. م الف ۱۴۷۱ تاریخ انتشار نوبت اول: ۱۴۰۰/۰۴/۲۰ تاریخ انتشار نوبت دوم: ۱۴۰۰/۰۵/۰۴
احمد جهانگیر رئیس ثبت اسناد و املاک
اداره کل ثبت اسناد و املاک استان خراسان رضوی اداره ثبت اسناد و املاک حوزه ثبت ملک کاشمر هیات موضوع قانون تعیین تکلیف وضعیت ثبتی اراضی و ساختمانهای فاقد سند رسمی آگهی موضوع ماده ۳ قانون و ماده ۱۳ آئین نامه قانون برابر رای شماره ۱۴۰۰۶۰۳۰۶۰۰۷۰۰۰۵۸۴ مورخ ۱۴۰۰/۰۳/۱۷ آقای امیر موسوی فرزند حسن به شماره شناسنامه ۸۸ صادره از کاشمر در ششدانگ یک قطعه زمین مزروعی به مساحت ۲۷۵۰ مترمربع پلاک ۱۳ فرعی از ۶۱ اصلی واقع در بخش ۳ حوزه ثبت ملک کاشمر محرز گردیده است. م الف ۱۴۷۲ تاریخ انتشار نوبت اول: ۱۴۰۰/۰۴/۲۰ تاریخ انتشار نوبت دوم: ۱۴۰۰/۰۵/۰۴
احمد جهانگیر رئیس ثبت اسناد و املاک
